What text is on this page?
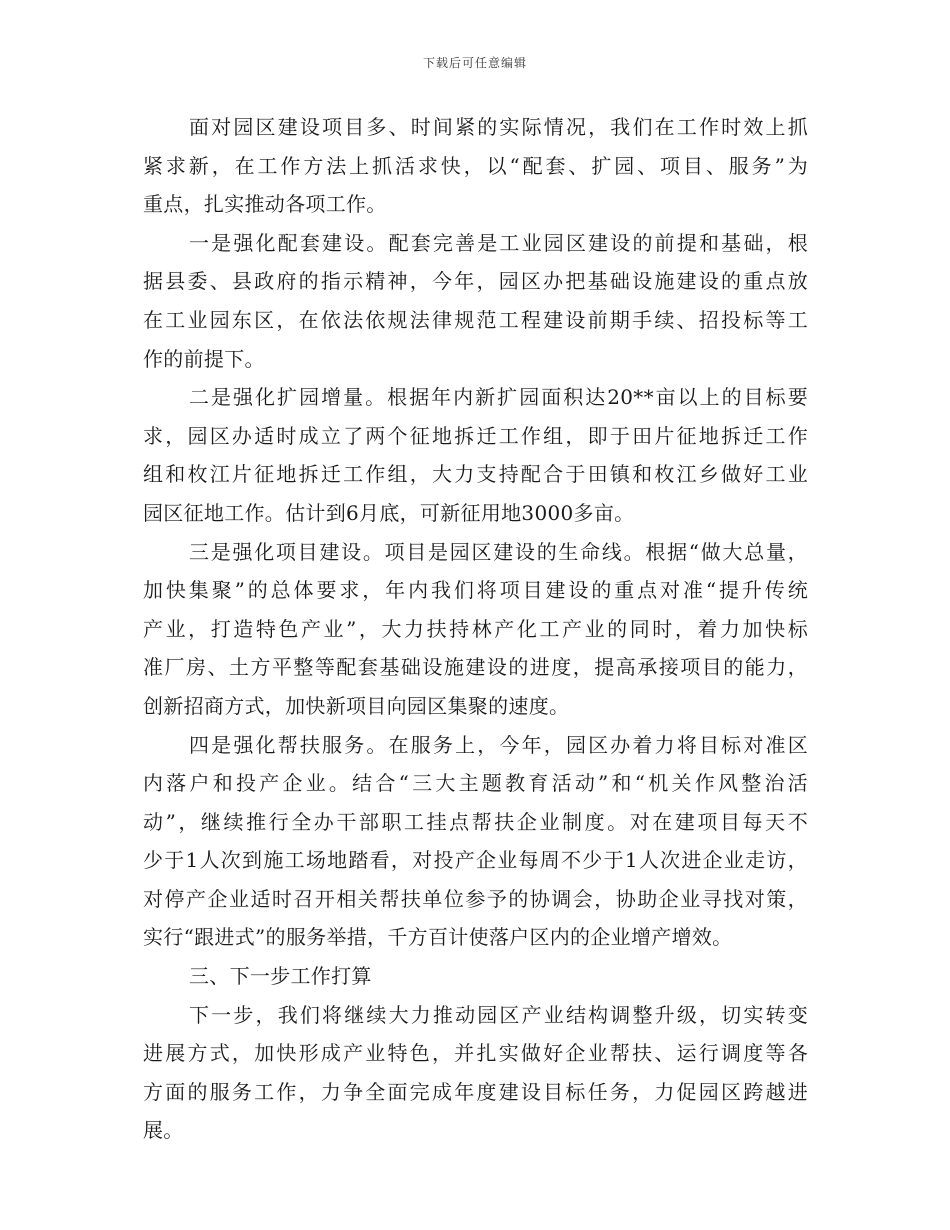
下载后可任意编辑
面对园区建设项目多、时间紧的实际情况，我们在工作时效上抓
紧求新，在工作方法上抓活求快，以“配套、扩园、项目、服务”为
重点，扎实推动各项工作。
一是强化配套建设。配套完善是工业园区建设的前提和基础，根
据县委、县政府的指示精神，今年，园区办把基础设施建设的重点放
在工业园东区，在依法依规法律规范工程建设前期手续、招投标等工
作的前提下。
二是强化扩园增量。根据年内新扩园面积达20**亩以上的目标要
求，园区办适时成立了两个征地拆迁工作组，即于田片征地拆迁工作
组和枚江片征地拆迁工作组，大力支持配合于田镇和枚江乡做好工业
园区征地工作。估计到6月底，可新征用地3000多亩。
三是强化项目建设。项目是园区建设的生命线。根据“做大总量，
加快集聚”的总体要求，年内我们将项目建设的重点对准“提升传统
产业，打造特色产业”，大力扶持林产化工产业的同时，着力加快标
准厂房、土方平整等配套基础设施建设的进度，提高承接项目的能力，
创新招商方式，加快新项目向园区集聚的速度。
四是强化帮扶服务。在服务上，今年，园区办着力将目标对准区
内落户和投产企业。结合“三大主题教育活动”和“机关作风整治活
动”，继续推行全办干部职工挂点帮扶企业制度。对在建项目每天不
少于1人次到施工场地踏看，对投产企业每周不少于1人次进企业走访，
对停产企业适时召开相关帮扶单位参予的协调会，协助企业寻找对策，
实行“跟进式”的服务举措，千方百计使落户区内的企业增产增效。
三、下一步工作打算
下一步，我们将继续大力推动园区产业结构调整升级，切实转变
进展方式，加快形成产业特色，并扎实做好企业帮扶、运行调度等各
方面的服务工作，力争全面完成年度建设目标任务，力促园区跨越进
展。
